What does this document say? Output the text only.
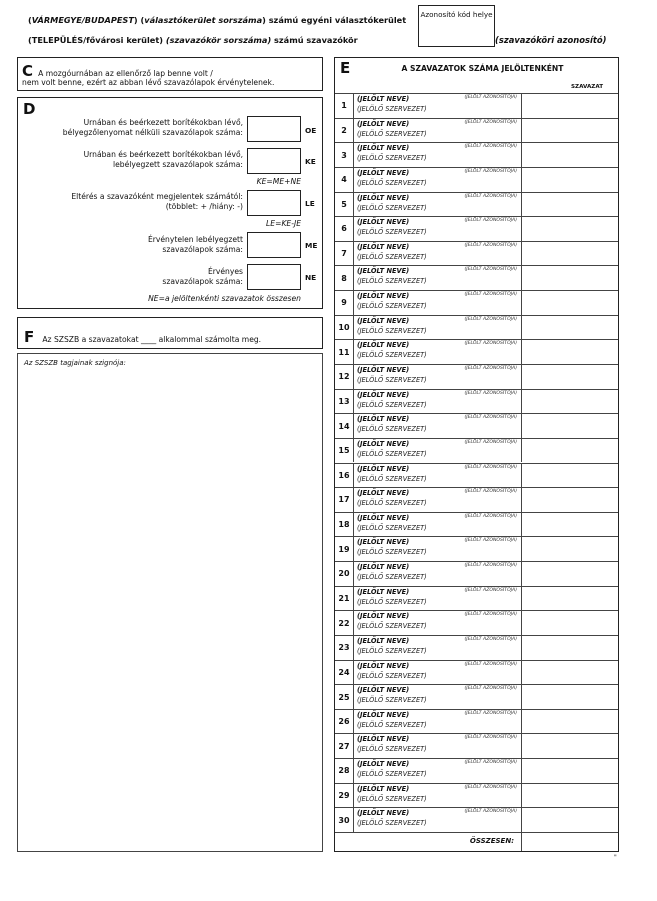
(VÁRMEGYE/BUDAPEST) (választókerület sorszáma) számú egyéni választókerület
(TELEPÜLÉS/fővárosi kerület) (szavazókör sorszáma) számú szavazókör
Azonosító kód helye
(szavazóköri azonosító)
C A mozgóurnában az ellenőrző lap benne volt /
nem volt benne, ezért az abban lévő szavazólapok érvénytelenek.
D
Urnában és beérkezett borítékokban lévő,
bélyegzőlenyomat nélküli szavazólapok száma:	OE
Urnában és beérkezett borítékokban lévő,
lebélyegzett szavazólapok száma:	KE
KE=ME+NE
Eltérés a szavazóként megjelentek számától:
(többlet: + /hiány: -)	LE
LE=KE-JE
Érvénytelen lebélyegzett
szavazólapok száma:	ME
Érvényes
szavazólapok száma:	NE
NE=a jelöltenkénti szavazatok összesen
F Az SZSZB a szavazatokat ____ alkalommal számolta meg.
Az SZSZB tagjainak szignója:
E	A SZAVAZATOK SZÁMA JELÖLTENKÉNT
SZAVAZAT
1
(JELÖLT NEVE)
(JELÖLŐ SZERVEZET)
(JELÖLT AZONOSÍTÓJA)
2
(JELÖLT NEVE)
(JELÖLŐ SZERVEZET)
(JELÖLT AZONOSÍTÓJA)
3
(JELÖLT NEVE)
(JELÖLŐ SZERVEZET)
(JELÖLT AZONOSÍTÓJA)
4
(JELÖLT NEVE)
(JELÖLŐ SZERVEZET)
(JELÖLT AZONOSÍTÓJA)
5
(JELÖLT NEVE)
(JELÖLŐ SZERVEZET)
(JELÖLT AZONOSÍTÓJA)
6
(JELÖLT NEVE)
(JELÖLŐ SZERVEZET)
(JELÖLT AZONOSÍTÓJA)
7
(JELÖLT NEVE)
(JELÖLŐ SZERVEZET)
(JELÖLT AZONOSÍTÓJA)
8
(JELÖLT NEVE)
(JELÖLŐ SZERVEZET)
(JELÖLT AZONOSÍTÓJA)
9
(JELÖLT NEVE)
(JELÖLŐ SZERVEZET)
(JELÖLT AZONOSÍTÓJA)
10
(JELÖLT NEVE)
(JELÖLŐ SZERVEZET)
(JELÖLT AZONOSÍTÓJA)
11
(JELÖLT NEVE)
(JELÖLŐ SZERVEZET)
(JELÖLT AZONOSÍTÓJA)
12
(JELÖLT NEVE)
(JELÖLŐ SZERVEZET)
(JELÖLT AZONOSÍTÓJA)
13
(JELÖLT NEVE)
(JELÖLŐ SZERVEZET)
(JELÖLT AZONOSÍTÓJA)
14
(JELÖLT NEVE)
(JELÖLŐ SZERVEZET)
(JELÖLT AZONOSÍTÓJA)
15
(JELÖLT NEVE)
(JELÖLŐ SZERVEZET)
(JELÖLT AZONOSÍTÓJA)
16
(JELÖLT NEVE)
(JELÖLŐ SZERVEZET)
(JELÖLT AZONOSÍTÓJA)
17
(JELÖLT NEVE)
(JELÖLŐ SZERVEZET)
(JELÖLT AZONOSÍTÓJA)
18
(JELÖLT NEVE)
(JELÖLŐ SZERVEZET)
(JELÖLT AZONOSÍTÓJA)
19
(JELÖLT NEVE)
(JELÖLŐ SZERVEZET)
(JELÖLT AZONOSÍTÓJA)
20
(JELÖLT NEVE)
(JELÖLŐ SZERVEZET)
(JELÖLT AZONOSÍTÓJA)
21
(JELÖLT NEVE)
(JELÖLŐ SZERVEZET)
(JELÖLT AZONOSÍTÓJA)
22
(JELÖLT NEVE)
(JELÖLŐ SZERVEZET)
(JELÖLT AZONOSÍTÓJA)
23
(JELÖLT NEVE)
(JELÖLŐ SZERVEZET)
(JELÖLT AZONOSÍTÓJA)
24
(JELÖLT NEVE)
(JELÖLŐ SZERVEZET)
(JELÖLT AZONOSÍTÓJA)
25
(JELÖLT NEVE)
(JELÖLŐ SZERVEZET)
(JELÖLT AZONOSÍTÓJA)
26
(JELÖLT NEVE)
(JELÖLŐ SZERVEZET)
(JELÖLT AZONOSÍTÓJA)
27
(JELÖLT NEVE)
(JELÖLŐ SZERVEZET)
(JELÖLT AZONOSÍTÓJA)
28
(JELÖLT NEVE)
(JELÖLŐ SZERVEZET)
(JELÖLT AZONOSÍTÓJA)
29
(JELÖLT NEVE)
(JELÖLŐ SZERVEZET)
(JELÖLT AZONOSÍTÓJA)
30
(JELÖLT NEVE)
(JELÖLŐ SZERVEZET)
(JELÖLT AZONOSÍTÓJA)
ÖSSZESEN:
"
